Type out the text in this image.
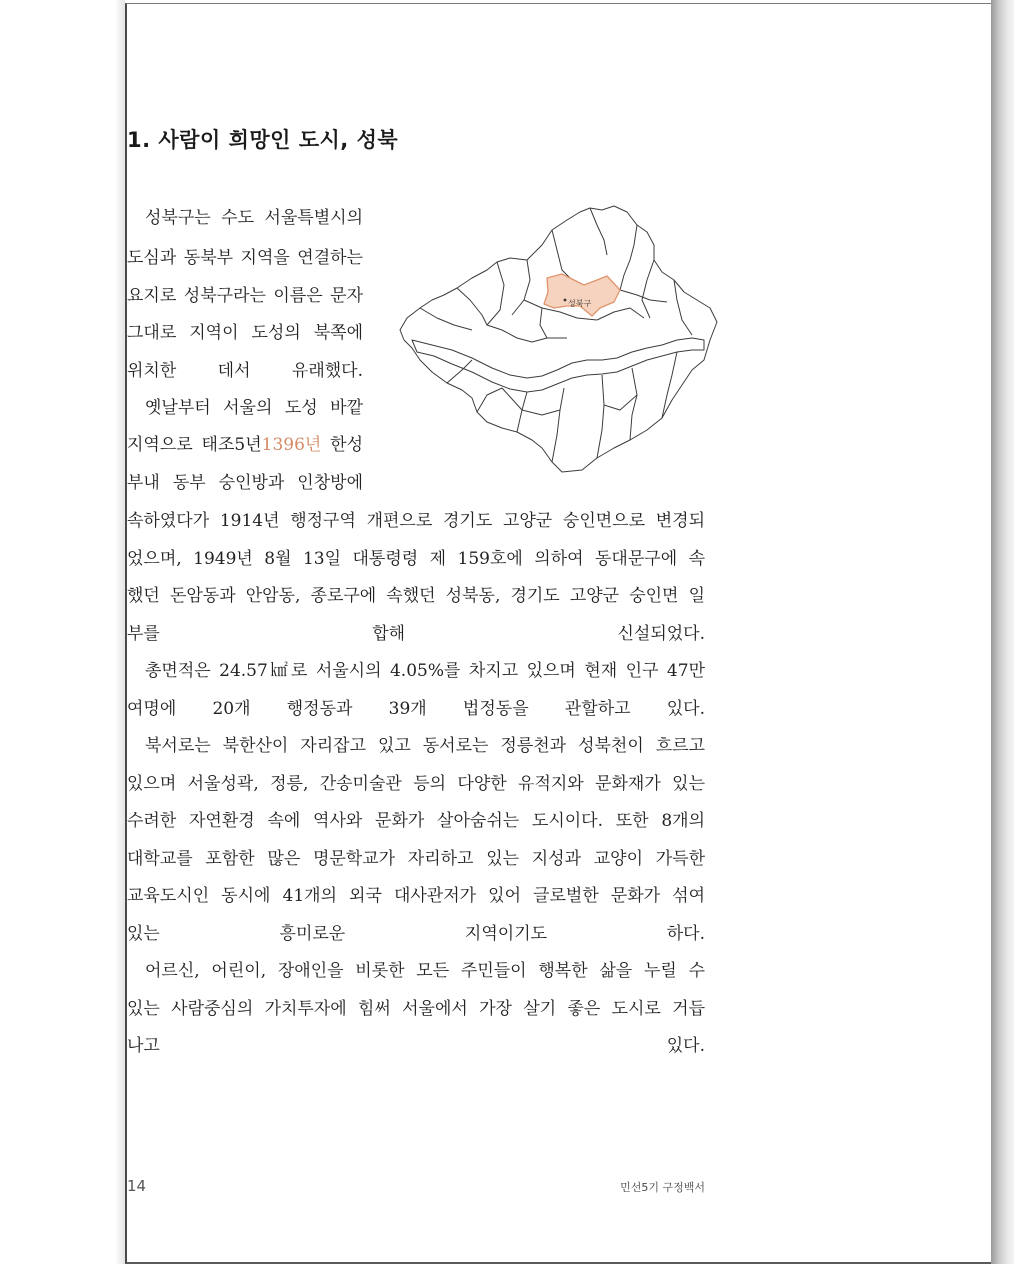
1. 사람이 희망인 도시, 성북
성북구는 수도 서울특별시의
도심과 동북부 지역을 연결하는
요지로 성북구라는 이름은 문자
그대로 지역이 도성의 북쪽에
위치한 데서 유래했다.
옛날부터 서울의 도성 바깥
지역으로 태조5년1396년 한성
부내 동부 숭인방과 인창방에
속하였다가 1914년 행정구역 개편으로 경기도 고양군 숭인면으로 변경되
었으며, 1949년 8월 13일 대통령령 제 159호에 의하여 동대문구에 속
했던 돈암동과 안암동, 종로구에 속했던 성북동, 경기도 고양군 숭인면 일
부를 합해 신설되었다.
총면적은 24.57㎢로 서울시의 4.05%를 차지고 있으며 현재 인구 47만
여명에 20개 행정동과 39개 법정동을 관할하고 있다.
북서로는 북한산이 자리잡고 있고 동서로는 정릉천과 성북천이 흐르고
있으며 서울성곽, 정릉, 간송미술관 등의 다양한 유적지와 문화재가 있는
수려한 자연환경 속에 역사와 문화가 살아숨쉬는 도시이다. 또한 8개의
대학교를 포함한 많은 명문학교가 자리하고 있는 지성과 교양이 가득한
교육도시인 동시에 41개의 외국 대사관저가 있어 글로벌한 문화가 섞여
있는 흥미로운 지역이기도 하다.
어르신, 어린이, 장애인을 비롯한 모든 주민들이 행복한 삶을 누릴 수
있는 사람중심의 가치투자에 힘써 서울에서 가장 살기 좋은 도시로 거듭
나고 있다.
성북구
14	민선5기 구정백서
